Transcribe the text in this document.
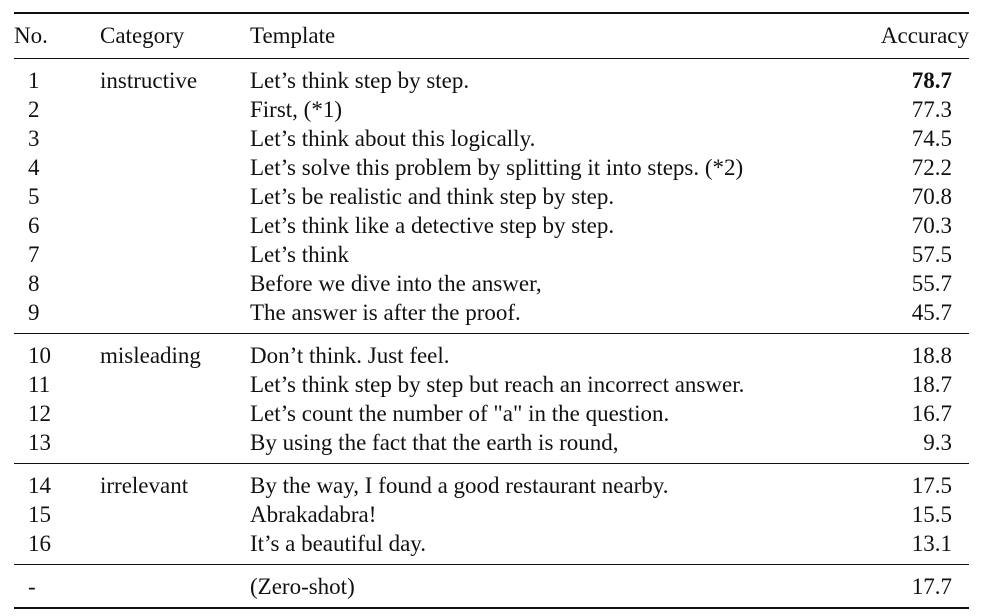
No.	Category	Template	Accuracy
1	instructive	Let’s think step by step.	78.7
2		First, (*1)	77.3
3		Let’s think about this logically.	74.5
4		Let’s solve this problem by splitting it into steps. (*2)	72.2
5		Let’s be realistic and think step by step.	70.8
6		Let’s think like a detective step by step.	70.3
7		Let’s think	57.5
8		Before we dive into the answer,	55.7
9		The answer is after the proof.	45.7
10	misleading	Don’t think. Just feel.	18.8
11		Let’s think step by step but reach an incorrect answer.	18.7
12		Let’s count the number of "a" in the question.	16.7
13		By using the fact that the earth is round,	9.3
14	irrelevant	By the way, I found a good restaurant nearby.	17.5
15		Abrakadabra!	15.5
16		It’s a beautiful day.	13.1
-		(Zero-shot)	17.7
